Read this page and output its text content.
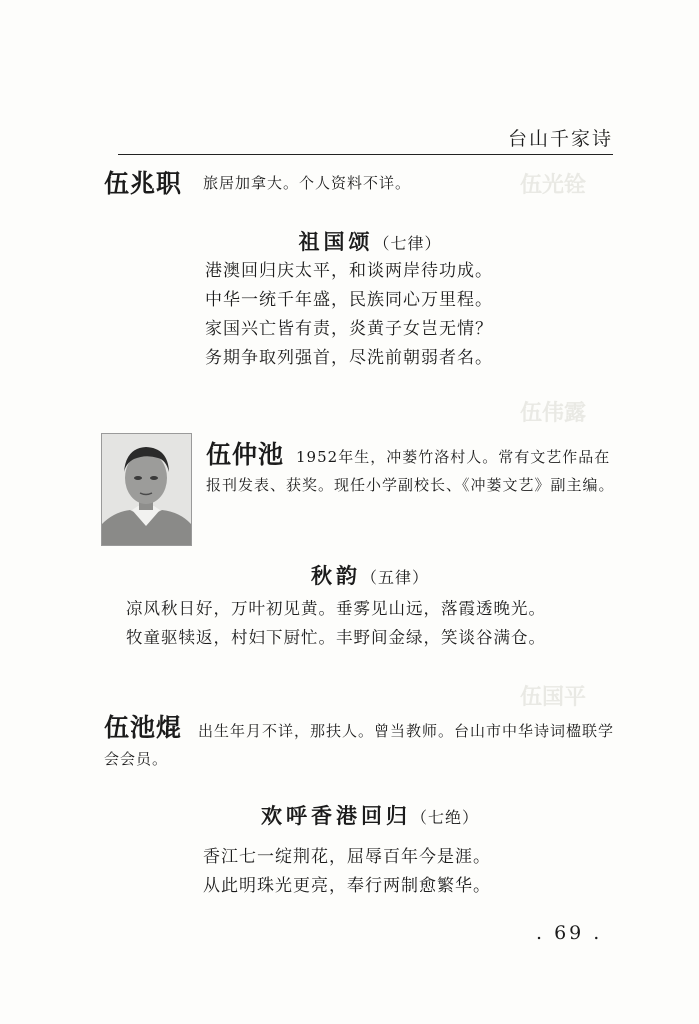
伍光铨
伍伟露
伍国平
台山千家诗
伍兆职 旅居加拿大。个人资料不详。
祖国颂（七律）
港澳回归庆太平，和谈两岸待功成。
中华一统千年盛，民族同心万里程。
家国兴亡皆有责，炎黄子女岂无情？
务期争取列强首，尽洗前朝弱者名。
伍仲池 1952年生，冲蒌竹洛村人。常有文艺作品在报刊发表、获奖。现任小学副校长、《冲蒌文艺》副主编。
秋韵（五律）
凉风秋日好，万叶初见黄。垂雾见山远，落霞透晚光。
牧童驱犊返，村妇下厨忙。丰野间金绿，笑谈谷满仓。
伍池焜	出生年月不详，那扶人。曾当教师。台山市中华诗词楹联学会会员。
欢呼香港回归（七绝）
香江七一绽荆花，屈辱百年今是涯。
从此明珠光更亮，奉行两制愈繁华。
. 69 .
